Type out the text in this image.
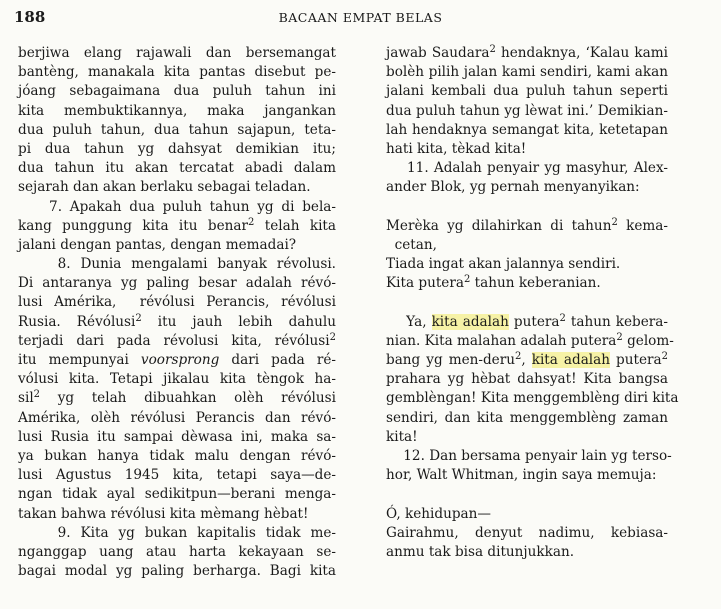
188	BACAAN EMPAT BELAS
berjiwa elang rajawali dan bersemangat
bantèng, manakala kita pantas disebut pe-
jóang sebagaimana dua puluh tahun ini
kita membuktikannya, maka jangankan
dua puluh tahun, dua tahun sajapun, teta-
pi dua tahun yg dahsyat demikian itu;
dua tahun itu akan tercatat abadi dalam
sejarah dan akan berlaku sebagai teladan.
7. Apakah dua puluh tahun yg di bela-
kang punggung kita itu benar$^2$ telah kita
jalani dengan pantas, dengan memadai?
8. Dunia mengalami banyak révolusi.
Di antaranya yg paling besar adalah révó-
lusi Amérika,  révólusi Perancis, révólusi
Rusia. Révólusi$^2$ itu jauh lebih dahulu
terjadi dari pada révolusi kita, révólusi$^2$
itu mempunyai voorsprong dari pada ré-
vólusi kita. Tetapi jikalau kita tèngok ha-
sil$^2$ yg telah dibuahkan olèh révólusi
Amérika, olèh révólusi Perancis dan révó-
lusi Rusia itu sampai dèwasa ini, maka sa-
ya bukan hanya tidak malu dengan révó-
lusi Agustus 1945 kita, tetapi saya—de-
ngan tidak ayal sedikitpun—berani menga-
takan bahwa révólusi kita mèmang hèbat!
9. Kita yg bukan kapitalis tidak me-
nganggap uang atau harta kekayaan se-
bagai modal yg paling berharga. Bagi kita
jawab Saudara$^2$ hendaknya, ‘Kalau kami
bolèh pilih jalan kami sendiri, kami akan
jalani kembali dua puluh tahun seperti
dua puluh tahun yg lèwat ini.’ Demikian-
lah hendaknya semangat kita, ketetapan
hati kita, tèkad kita!
11. Adalah penyair yg masyhur, Alex-
ander Blok, yg pernah menyanyikan:
Merèka yg dilahirkan di tahun$^2$ kema-
cetan,
Tiada ingat akan jalannya sendiri.
Kita putera$^2$ tahun keberanian.
Ya, kita adalah putera$^2$ tahun kebera-
nian. Kita malahan adalah putera$^2$ gelom-
bang yg men-deru$^2$, kita adalah putera$^2$
prahara yg hèbat dahsyat! Kita bangsa
gemblèngan! Kita menggemblèng diri kita
sendiri, dan kita menggemblèng zaman
kita!
12. Dan bersama penyair lain yg terso-
hor, Walt Whitman, ingin saya memuja:
Ó, kehidupan—
Gairahmu, denyut nadimu, kebiasa-
anmu tak bisa ditunjukkan.
